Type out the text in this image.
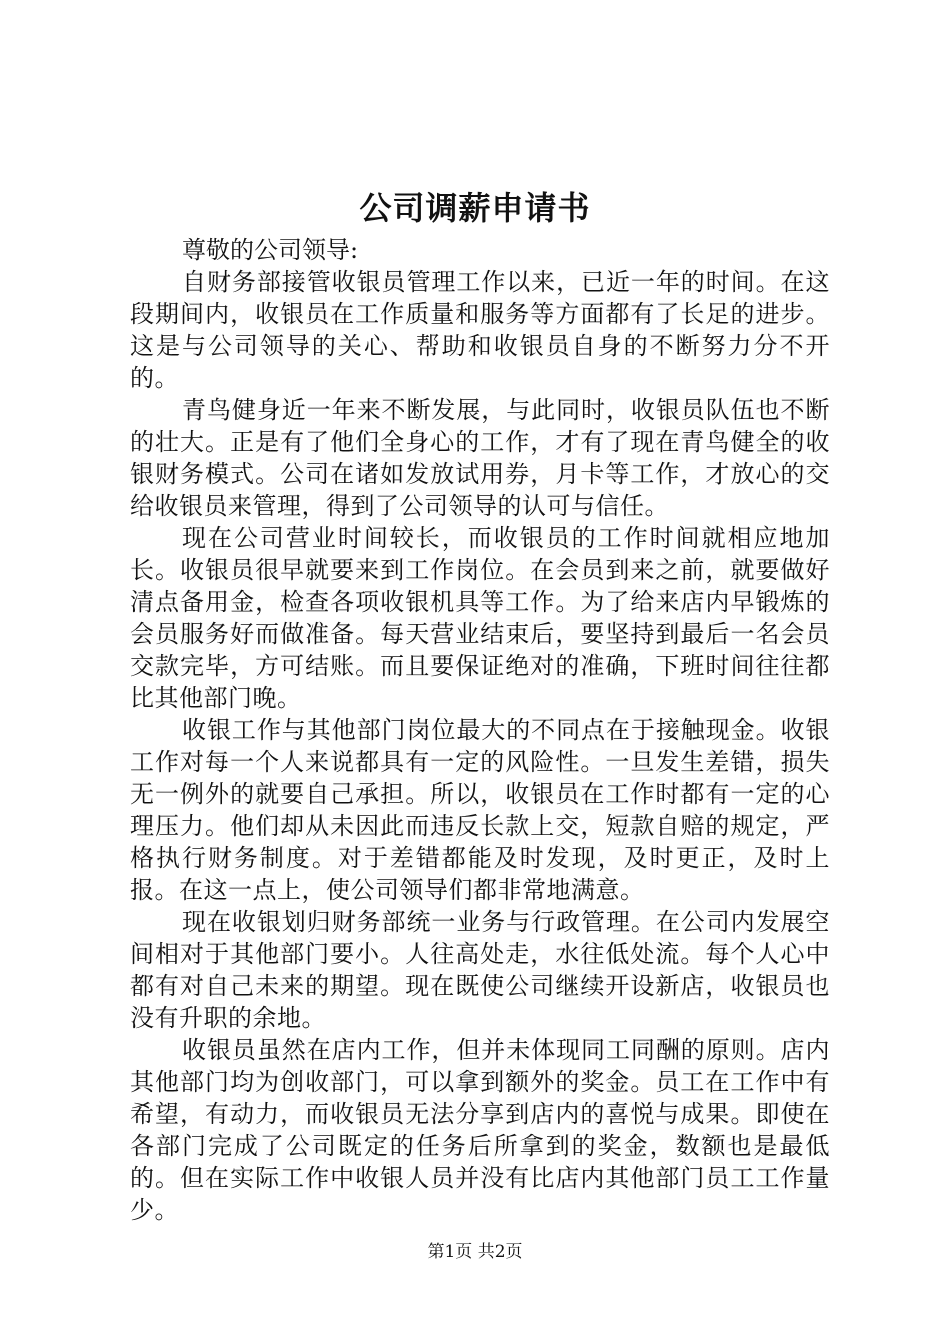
公司调薪申请书

尊敬的公司领导:

自财务部接管收银员管理工作以来，已近一年的时间。在这段期间内，收银员在工作质量和服务等方面都有了长足的进步。这是与公司领导的关心、帮助和收银员自身的不断努力分不开的。

青鸟健身近一年来不断发展，与此同时，收银员队伍也不断的壮大。正是有了他们全身心的工作，才有了现在青鸟健全的收银财务模式。公司在诸如发放试用券，月卡等工作，才放心的交给收银员来管理，得到了公司领导的认可与信任。

现在公司营业时间较长，而收银员的工作时间就相应地加长。收银员很早就要来到工作岗位。在会员到来之前，就要做好清点备用金，检查各项收银机具等工作。为了给来店内早锻炼的会员服务好而做准备。每天营业结束后，要坚持到最后一名会员交款完毕，方可结账。而且要保证绝对的准确，下班时间往往都比其他部门晚。

收银工作与其他部门岗位最大的不同点在于接触现金。收银工作对每一个人来说都具有一定的风险性。一旦发生差错，损失无一例外的就要自己承担。所以，收银员在工作时都有一定的心理压力。他们却从未因此而违反长款上交，短款自赔的规定，严格执行财务制度。对于差错都能及时发现，及时更正，及时上报。在这一点上，使公司领导们都非常地满意。

现在收银划归财务部统一业务与行政管理。在公司内发展空间相对于其他部门要小。人往高处走，水往低处流。每个人心中都有对自己未来的期望。现在既使公司继续开设新店，收银员也没有升职的余地。

收银员虽然在店内工作，但并未体现同工同酬的原则。店内其他部门均为创收部门，可以拿到额外的奖金。员工在工作中有希望，有动力，而收银员无法分享到店内的喜悦与成果。即使在各部门完成了公司既定的任务后所拿到的奖金，数额也是最低的。但在实际工作中收银人员并没有比店内其他部门员工工作量少。

第1页 共2页
